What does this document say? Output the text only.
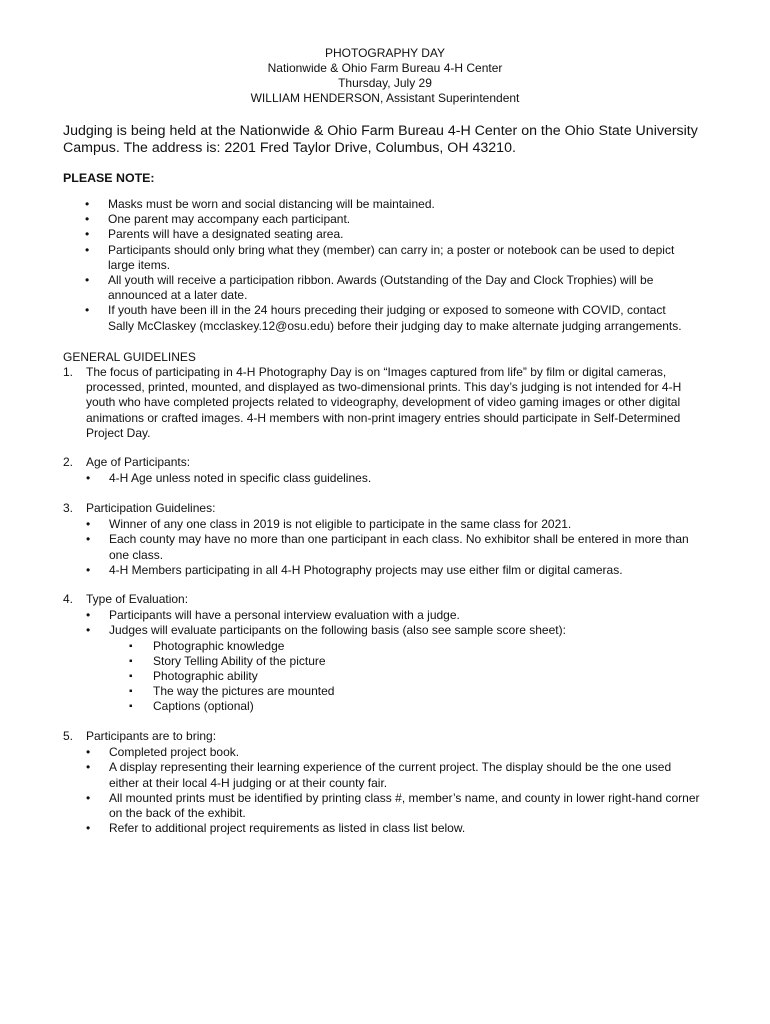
PHOTOGRAPHY DAY
Nationwide & Ohio Farm Bureau 4-H Center
Thursday, July 29
WILLIAM HENDERSON, Assistant Superintendent
Judging is being held at the Nationwide & Ohio Farm Bureau 4-H Center on the Ohio State University Campus. The address is: 2201 Fred Taylor Drive, Columbus, OH 43210.
PLEASE NOTE:
• Masks must be worn and social distancing will be maintained.
• One parent may accompany each participant.
• Parents will have a designated seating area.
• Participants should only bring what they (member) can carry in; a poster or notebook can be used to depict large items.
• All youth will receive a participation ribbon. Awards (Outstanding of the Day and Clock Trophies) will be announced at a later date.
• If youth have been ill in the 24 hours preceding their judging or exposed to someone with COVID, contact Sally McClaskey (mcclaskey.12@osu.edu) before their judging day to make alternate judging arrangements.
GENERAL GUIDELINES
1. The focus of participating in 4-H Photography Day is on “Images captured from life” by film or digital cameras, processed, printed, mounted, and displayed as two-dimensional prints. This day’s judging is not intended for 4-H youth who have completed projects related to videography, development of video gaming images or other digital animations or crafted images. 4-H members with non-print imagery entries should participate in Self-Determined Project Day.
2. Age of Participants:
• 4-H Age unless noted in specific class guidelines.
3. Participation Guidelines:
• Winner of any one class in 2019 is not eligible to participate in the same class for 2021.
• Each county may have no more than one participant in each class. No exhibitor shall be entered in more than one class.
• 4-H Members participating in all 4-H Photography projects may use either film or digital cameras.
4. Type of Evaluation:
• Participants will have a personal interview evaluation with a judge.
• Judges will evaluate participants on the following basis (also see sample score sheet):
▪ Photographic knowledge
▪ Story Telling Ability of the picture
▪ Photographic ability
▪ The way the pictures are mounted
▪ Captions (optional)
5. Participants are to bring:
• Completed project book.
• A display representing their learning experience of the current project. The display should be the one used either at their local 4-H judging or at their county fair.
• All mounted prints must be identified by printing class #, member’s name, and county in lower right-hand corner on the back of the exhibit.
• Refer to additional project requirements as listed in class list below.
